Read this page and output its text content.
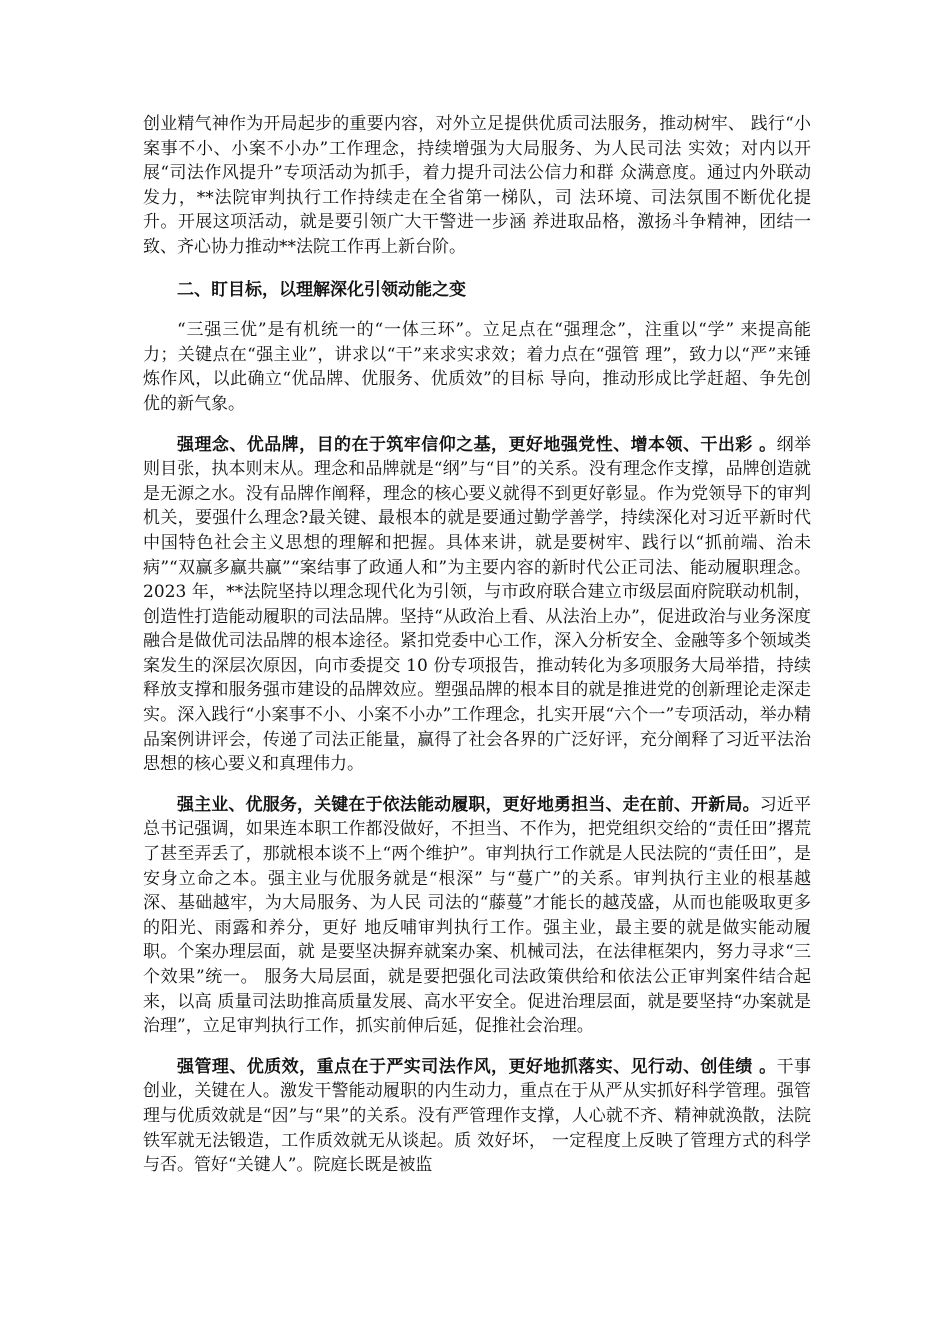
创业精气神作为开局起步的重要内容，对外立足提供优质司法服务，推动树牢、 践行“小案事不小、小案不小办”工作理念，持续增强为大局服务、为人民司法 实效；对内以开展“司法作风提升”专项活动为抓手，着力提升司法公信力和群 众满意度。通过内外联动发力，**法院审判执行工作持续走在全省第一梯队，司 法环境、司法氛围不断优化提升。开展这项活动，就是要引领广大干警进一步涵 养进取品格，激扬斗争精神，团结一致、齐心协力推动**法院工作再上新台阶。

二、盯目标，以理解深化引领动能之变

“三强三优”是有机统一的“一体三环”。立足点在“强理念”，注重以“学” 来提高能力；关键点在“强主业”，讲求以“干”来求实求效；着力点在“强管 理”，致力以“严”来锤炼作风，以此确立“优品牌、优服务、优质效”的目标 导向，推动形成比学赶超、争先创优的新气象。

强理念、优品牌，目的在于筑牢信仰之基，更好地强党性、增本领、干出彩 。纲举则目张，执本则末从。理念和品牌就是“纲”与“目”的关系。没有理念作支撑，品牌创造就是无源之水。没有品牌作阐释，理念的核心要义就得不到更好彰显。作为党领导下的审判机关，要强什么理念?最关键、最根本的就是要通过勤学善学，持续深化对习近平新时代中国特色社会主义思想的理解和把握。具体来讲，就是要树牢、践行以“抓前端、治未病”“双赢多赢共赢”“案结事了政通人和”为主要内容的新时代公正司法、能动履职理念。2023 年，**法院坚持以理念现代化为引领，与市政府联合建立市级层面府院联动机制，创造性打造能动履职的司法品牌。坚持“从政治上看、从法治上办”，促进政治与业务深度融合是做优司法品牌的根本途径。紧扣党委中心工作，深入分析安全、金融等多个领域类案发生的深层次原因，向市委提交 10 份专项报告，推动转化为多项服务大局举措，持续释放支撑和服务强市建设的品牌效应。塑强品牌的根本目的就是推进党的创新理论走深走实。深入践行“小案事不小、小案不小办”工作理念，扎实开展“六个一”专项活动，举办精品案例讲评会，传递了司法正能量，赢得了社会各界的广泛好评，充分阐释了习近平法治思想的核心要义和真理伟力。

强主业、优服务，关键在于依法能动履职，更好地勇担当、走在前、开新局。习近平总书记强调，如果连本职工作都没做好，不担当、不作为，把党组织交给的“责任田”撂荒了甚至弄丢了，那就根本谈不上“两个维护”。审判执行工作就是人民法院的“责任田”，是安身立命之本。强主业与优服务就是“根深” 与“蔓广”的关系。审判执行主业的根基越深、基础越牢，为大局服务、为人民 司法的“藤蔓”才能长的越茂盛，从而也能吸取更多的阳光、雨露和养分，更好 地反哺审判执行工作。强主业，最主要的就是做实能动履职。个案办理层面，就 是要坚决摒弃就案办案、机械司法，在法律框架内，努力寻求“三个效果”统一。 服务大局层面，就是要把强化司法政策供给和依法公正审判案件结合起来，以高 质量司法助推高质量发展、高水平安全。促进治理层面，就是要坚持“办案就是 治理”，立足审判执行工作，抓实前伸后延，促推社会治理。

强管理、优质效，重点在于严实司法作风，更好地抓落实、见行动、创佳绩 。干事创业，关键在人。激发干警能动履职的内生动力，重点在于从严从实抓好科学管理。强管理与优质效就是“因”与“果”的关系。没有严管理作支撑，人心就不齐、精神就涣散，法院铁军就无法锻造，工作质效就无从谈起。质 效好坏， 一定程度上反映了管理方式的科学与否。管好“关键人”。院庭长既是被监
